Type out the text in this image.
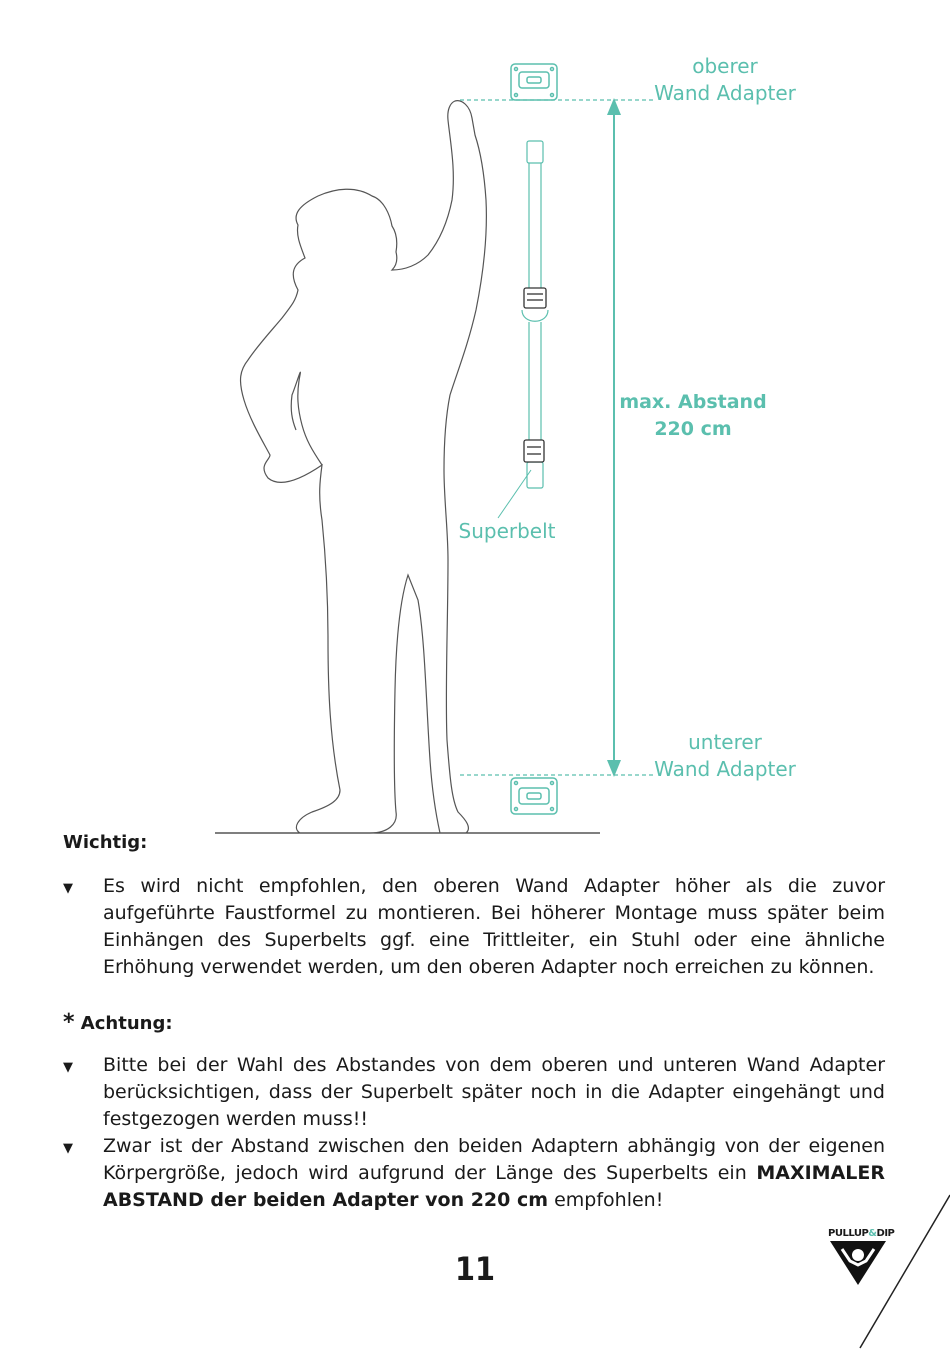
oberer
Wand Adapter
max. Abstand
220 cm
Superbelt
unterer
Wand Adapter
Wichtig:
▼	Es wird nicht empfohlen, den oberen Wand Adapter höher als die zuvor aufgeführte Faustformel zu montieren. Bei höherer Montage muss später beim Einhängen des Superbelts ggf. eine Trittleiter, ein Stuhl oder eine ähnliche Erhöhung verwendet werden, um den oberen Adapter noch erreichen zu können.
* Achtung:
▼	Bitte bei der Wahl des Abstandes von dem oberen und unteren Wand Adapter berücksichtigen, dass der Superbelt später noch in die Adapter eingehängt und festgezogen werden muss!!
▼	Zwar ist der Abstand zwischen den beiden Adaptern abhängig von der eigenen Körpergröße, jedoch wird aufgrund der Länge des Superbelts ein MAXIMALER ABSTAND der beiden Adapter von 220 cm empfohlen!
11
PULLUP&DIP
